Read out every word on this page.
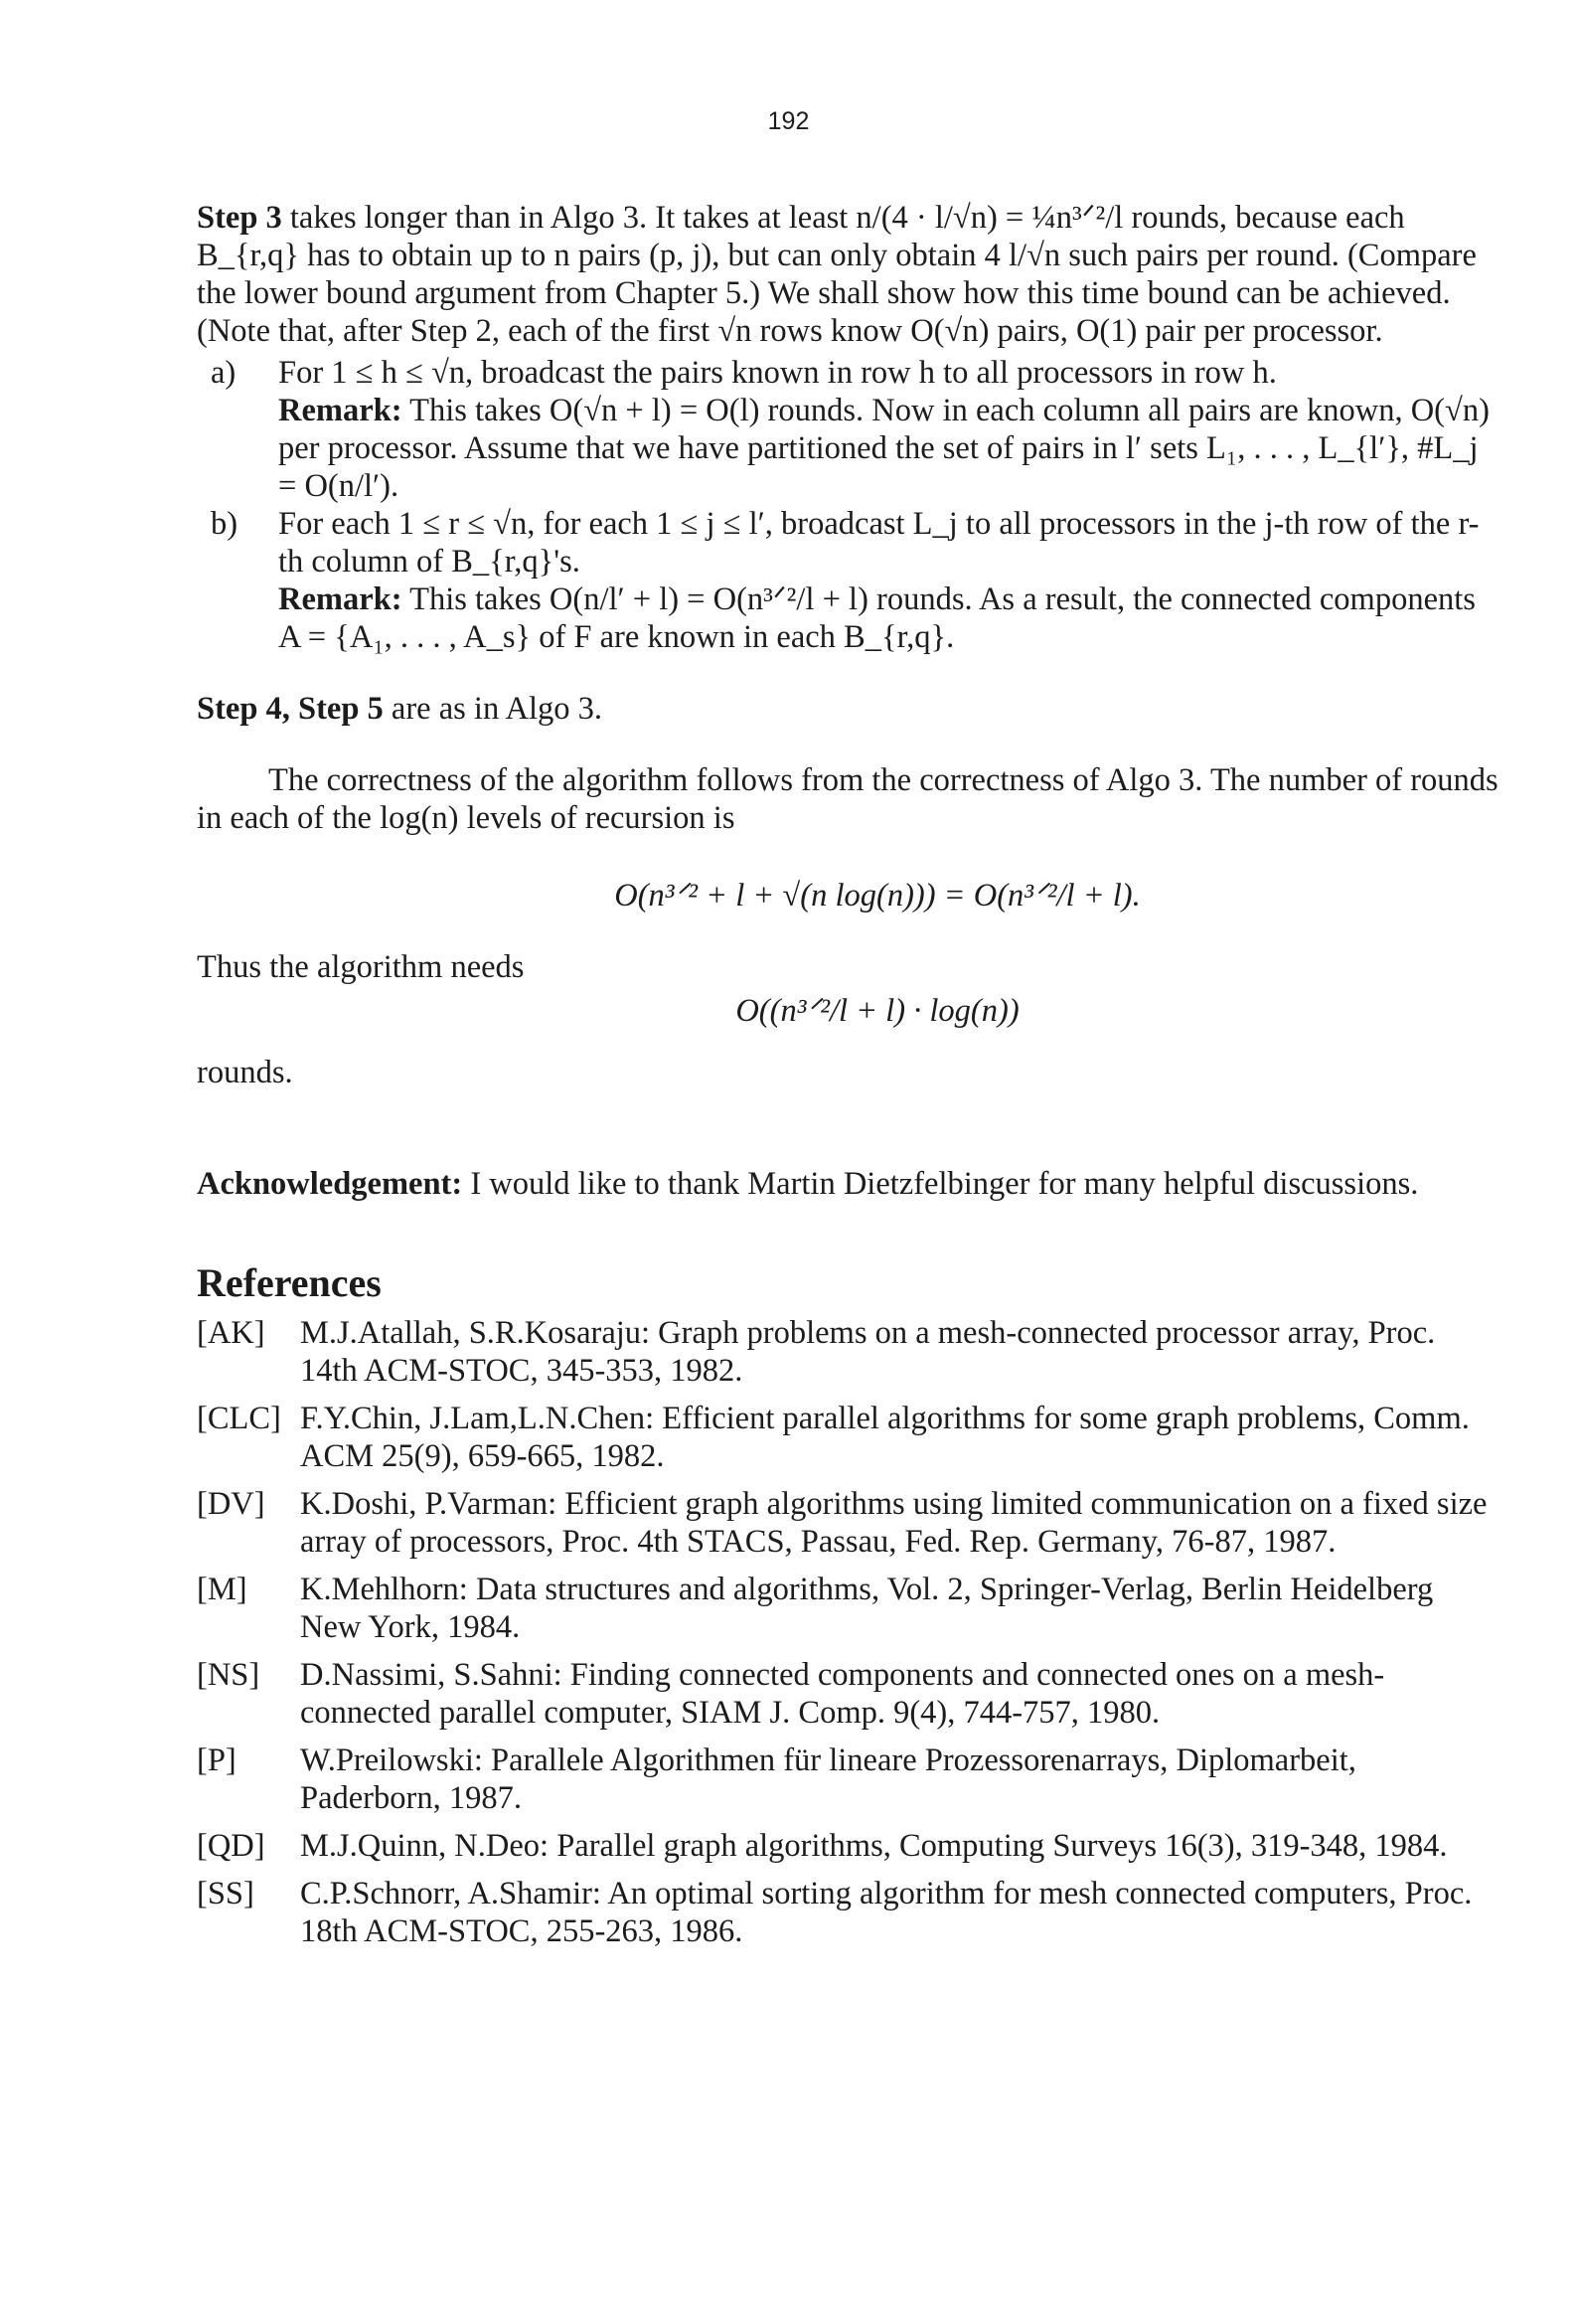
192

Step 3 takes longer than in Algo 3. It takes at least n/(4 · l/√n) = ¼n³ᐟ²/l rounds, because each B_{r,q} has to obtain up to n pairs (p, j), but can only obtain 4 l/√n such pairs per round. (Compare the lower bound argument from Chapter 5.) We shall show how this time bound can be achieved. (Note that, after Step 2, each of the first √n rows know O(√n) pairs, O(1) pair per processor.

a)	For 1 ≤ h ≤ √n, broadcast the pairs known in row h to all processors in row h.

Remark: This takes O(√n + l) = O(l) rounds. Now in each column all pairs are known, O(√n) per processor. Assume that we have partitioned the set of pairs in l′ sets L₁, . . . , L_{l′}, #L_j = O(n/l′).

b)	For each 1 ≤ r ≤ √n, for each 1 ≤ j ≤ l′, broadcast L_j to all processors in the j-th row of the r-th column of B_{r,q}'s.

Remark: This takes O(n/l′ + l) = O(n³ᐟ²/l + l) rounds. As a result, the connected components A = {A₁, . . . , A_s} of F are known in each B_{r,q}.

Step 4, Step 5 are as in Algo 3.

The correctness of the algorithm follows from the correctness of Algo 3. The number of rounds in each of the log(n) levels of recursion is

O(n³ᐟ² + l + √(n log(n))) = O(n³ᐟ²/l + l).

Thus the algorithm needs

O((n³ᐟ²/l + l) · log(n))

rounds.

Acknowledgement: I would like to thank Martin Dietzfelbinger for many helpful discussions.

References
[AK]	M.J.Atallah, S.R.Kosaraju: Graph problems on a mesh-connected processor array, Proc. 14th ACM-STOC, 345-353, 1982.
[CLC] F.Y.Chin, J.Lam,L.N.Chen: Efficient parallel algorithms for some graph problems, Comm. ACM 25(9), 659-665, 1982.
[DV]	K.Doshi, P.Varman: Efficient graph algorithms using limited communication on a fixed size array of processors, Proc. 4th STACS, Passau, Fed. Rep. Germany, 76-87, 1987.
[M]	K.Mehlhorn: Data structures and algorithms, Vol. 2, Springer-Verlag, Berlin Heidelberg New York, 1984.
[NS]	D.Nassimi, S.Sahni: Finding connected components and connected ones on a mesh-connected parallel computer, SIAM J. Comp. 9(4), 744-757, 1980.
[P]	W.Preilowski: Parallele Algorithmen für lineare Prozessorenarrays, Diplomarbeit, Paderborn, 1987.
[QD]	M.J.Quinn, N.Deo: Parallel graph algorithms, Computing Surveys 16(3), 319-348, 1984.
[SS]	C.P.Schnorr, A.Shamir: An optimal sorting algorithm for mesh connected computers, Proc. 18th ACM-STOC, 255-263, 1986.
